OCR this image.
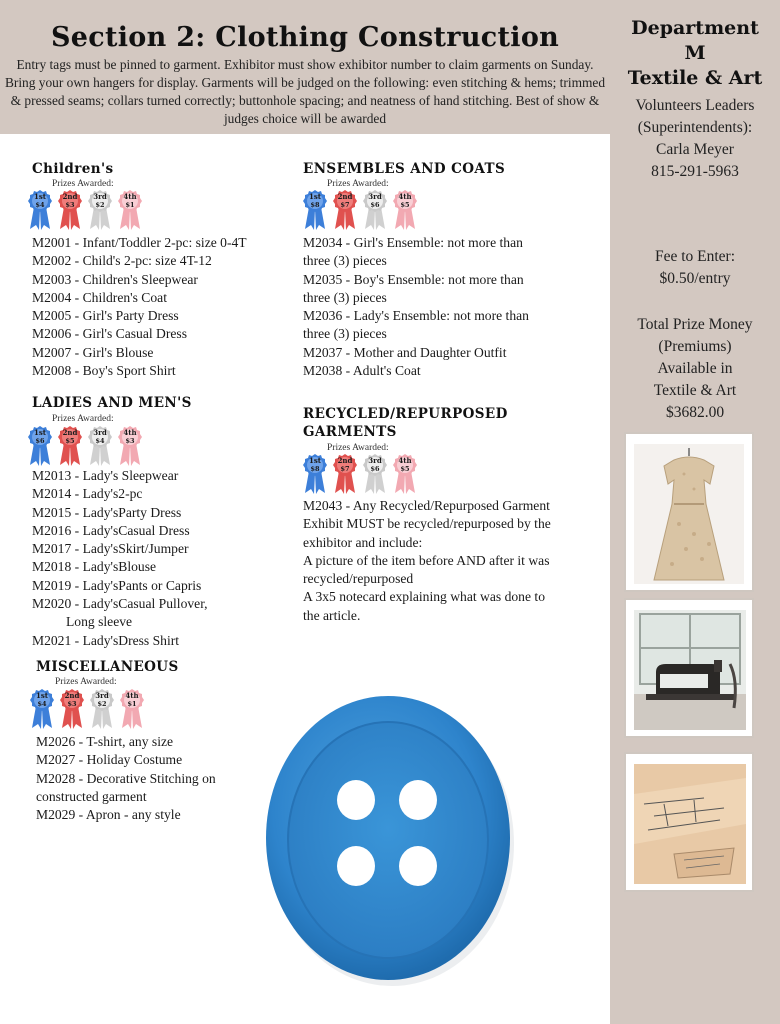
Section 2: Clothing Construction
Entry tags must be pinned to garment. Exhibitor must show exhibitor number to claim garments on Sunday. Bring your own hangers for display. Garments will be judged on the following: even stitching & hems; trimmed & pressed seams; collars turned correctly; buttonhole spacing; and neatness of hand stitching. Best of show & judges choice will be awarded
Department
M
Textile & Art
Volunteers Leaders
(Superintendents):
Carla Meyer
815-291-5963
Fee to Enter:
$0.50/entry
Total Prize Money
(Premiums)
Available in
Textile & Art
$3682.00
Children's
Prizes Awarded:
1st
$4
2nd
$3
3rd
$2
4th
$1
M2001 - Infant/Toddler 2-pc: size 0-4T
M2002 - Child's 2-pc: size 4T-12
M2003 - Children's Sleepwear
M2004 - Children's Coat
M2005 - Girl's Party Dress
M2006 - Girl's Casual Dress
M2007 - Girl's Blouse
M2008 - Boy's Sport Shirt
LADIES AND MEN'S
Prizes Awarded:
1st
$6
2nd
$5
3rd
$4
4th
$3
M2013 - Lady's Sleepwear
M2014 - Lady's2-pc
M2015 - Lady'sParty Dress
M2016 - Lady'sCasual Dress
M2017 - Lady'sSkirt/Jumper
M2018 - Lady'sBlouse
M2019 - Lady'sPants or Capris
M2020 - Lady'sCasual Pullover,
Long sleeve
M2021 - Lady'sDress Shirt
MISCELLANEOUS
Prizes Awarded:
1st
$4
2nd
$3
3rd
$2
4th
$1
M2026 - T-shirt, any size
M2027 - Holiday Costume
M2028 - Decorative Stitching on
constructed garment
M2029 - Apron - any style
ENSEMBLES AND COATS
Prizes Awarded:
1st
$8
2nd
$7
3rd
$6
4th
$5
M2034 - Girl's Ensemble: not more than
three (3) pieces
M2035 - Boy's Ensemble: not more than
three (3) pieces
M2036 - Lady's Ensemble: not more than
three (3) pieces
M2037 - Mother and Daughter Outfit
M2038 - Adult's Coat
RECYCLED/REPURPOSED
GARMENTS
Prizes Awarded:
1st
$8
2nd
$7
3rd
$6
4th
$5
M2043 - Any Recycled/Repurposed Garment
Exhibit MUST be recycled/repurposed by the
exhibitor and include:
A picture of the item before AND after it was
recycled/repurposed
A 3x5 notecard explaining what was done to
the article.
